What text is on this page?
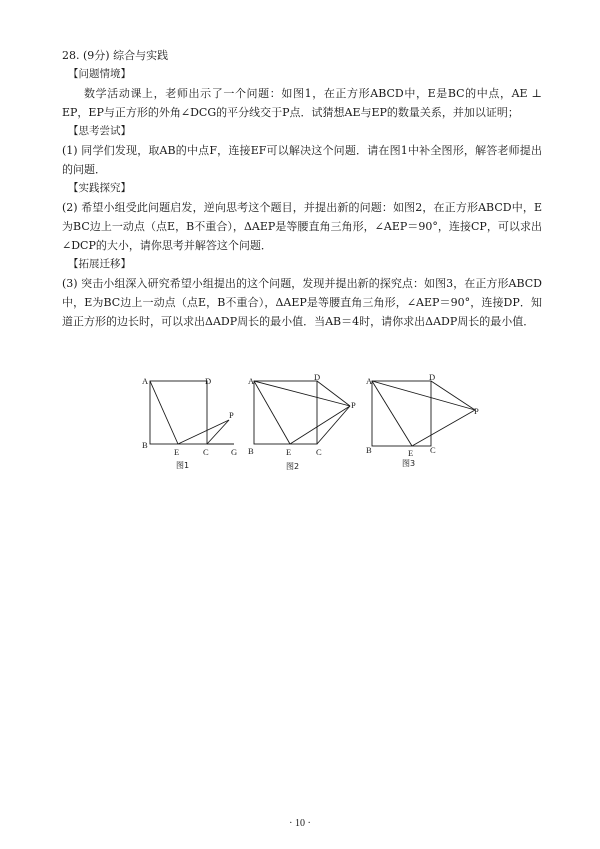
28. (9分) 综合与实践

【问题情境】

数学活动课上，老师出示了一个问题：如图1，在正方形ABCD中，E是BC的中点，AE ⊥ EP，EP与正方形的外角∠DCG的平分线交于P点．试猜想AE与EP的数量关系，并加以证明；

【思考尝试】

(1) 同学们发现，取AB的中点F，连接EF可以解决这个问题．请在图1中补全图形，解答老师提出的问题．

【实践探究】

(2) 希望小组受此问题启发，逆向思考这个题目，并提出新的问题：如图2，在正方形ABCD中，E为BC边上一动点（点E，B不重合），ΔAEP是等腰直角三角形，∠AEP＝90°，连接CP，可以求出∠DCP的大小，请你思考并解答这个问题．

【拓展迁移】

(3) 突击小组深入研究希望小组提出的这个问题，发现并提出新的探究点：如图3，在正方形ABCD中，E为BC边上一动点（点E，B不重合），ΔAEP是等腰直角三角形，∠AEP＝90°，连接DP．知道正方形的边长时，可以求出ΔADP周长的最小值．当AB＝4时，请你求出ΔADP周长的最小值．

A	D
P
B
E	C	G
图1
A	D
P
B	E	C
图2
A	D
P
B	E C
图3
· 10 ·
